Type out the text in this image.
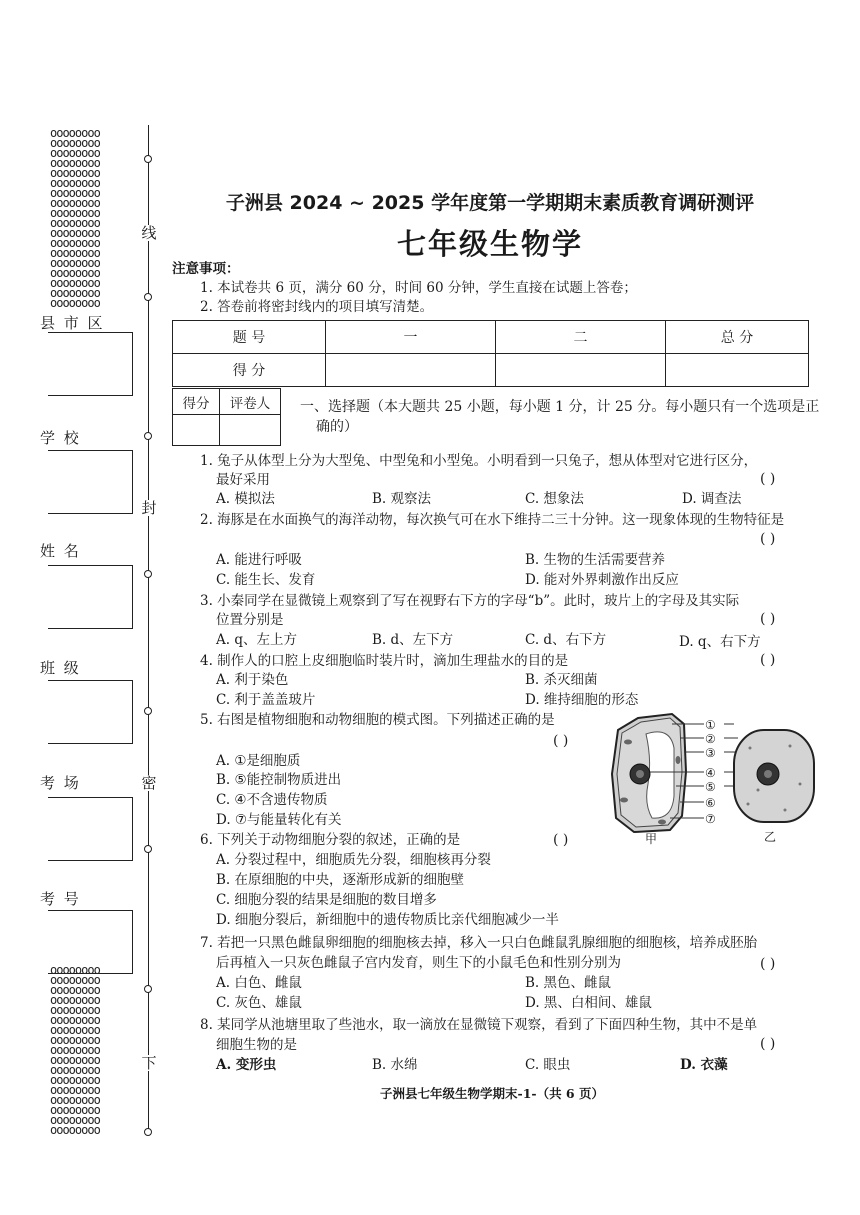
oooooooo
oooooooo
oooooooo
oooooooo
oooooooo
oooooooo
oooooooo
oooooooo
oooooooo
oooooooo
oooooooo
oooooooo
oooooooo
oooooooo
oooooooo
oooooooo
oooooooo
oooooooo
oooooooo
oooooooo
oooooooo
oooooooo
oooooooo
oooooooo
oooooooo
oooooooo
oooooooo
oooooooo
oooooooo
oooooooo
oooooooo
oooooooo
oooooooo
oooooooo
oooooooo
线
封
密
下
县 市 区
学 校
姓 名
班 级
考 场
考 号
子洲县 2024 ~ 2025 学年度第一学期期末素质教育调研测评
七年级生物学
注意事项：
1. 本试卷共 6 页，满分 60 分，时间 60 分钟，学生直接在试题上答卷；
2. 答卷前将密封线内的项目填写清楚。
题 号	一	二	总 分
得 分			
得分	评卷人
	一、选择题（本大题共 25 小题，每小题 1 分，计 25 分。每小题只有一个选项是正
确的）
1. 兔子从体型上分为大型兔、中型兔和小型兔。小明看到一只兔子，想从体型对它进行区分，
最好采用	( )
A. 模拟法	B. 观察法	C. 想象法	D. 调查法
2. 海豚是在水面换气的海洋动物，每次换气可在水下维持二三十分钟。这一现象体现的生物特征是
( )
A. 能进行呼吸	B. 生物的生活需要营养
C. 能生长、发育	D. 能对外界刺激作出反应
3. 小秦同学在显微镜上观察到了写在视野右下方的字母“b”。此时，玻片上的字母及其实际
位置分别是	( )
A. q、左上方	B. d、左下方	C. d、右下方	D. q、右下方
4. 制作人的口腔上皮细胞临时装片时，滴加生理盐水的目的是	( )
A. 利于染色	B. 杀灭细菌
C. 利于盖盖玻片	D. 维持细胞的形态
5. 右图是植物细胞和动物细胞的模式图。下列描述正确的是
( )
A. ①是细胞质
B. ⑤能控制物质进出
C. ④不含遗传物质
D. ⑦与能量转化有关
①
②
③
④
⑤
⑥
⑦
甲	乙
6. 下列关于动物细胞分裂的叙述，正确的是	( )
A. 分裂过程中，细胞质先分裂，细胞核再分裂
B. 在原细胞的中央，逐渐形成新的细胞壁
C. 细胞分裂的结果是细胞的数目增多
D. 细胞分裂后，新细胞中的遗传物质比亲代细胞减少一半
7. 若把一只黑色雌鼠卵细胞的细胞核去掉，移入一只白色雌鼠乳腺细胞的细胞核，培养成胚胎
后再植入一只灰色雌鼠子宫内发育，则生下的小鼠毛色和性别分别为	( )
A. 白色、雌鼠	B. 黑色、雌鼠
C. 灰色、雄鼠	D. 黑、白相间、雄鼠
8. 某同学从池塘里取了些池水，取一滴放在显微镜下观察，看到了下面四种生物，其中不是单
细胞生物的是	( )
A. 变形虫	B. 水绵	C. 眼虫	D. 衣藻
子洲县七年级生物学期末-1-（共 6 页）
